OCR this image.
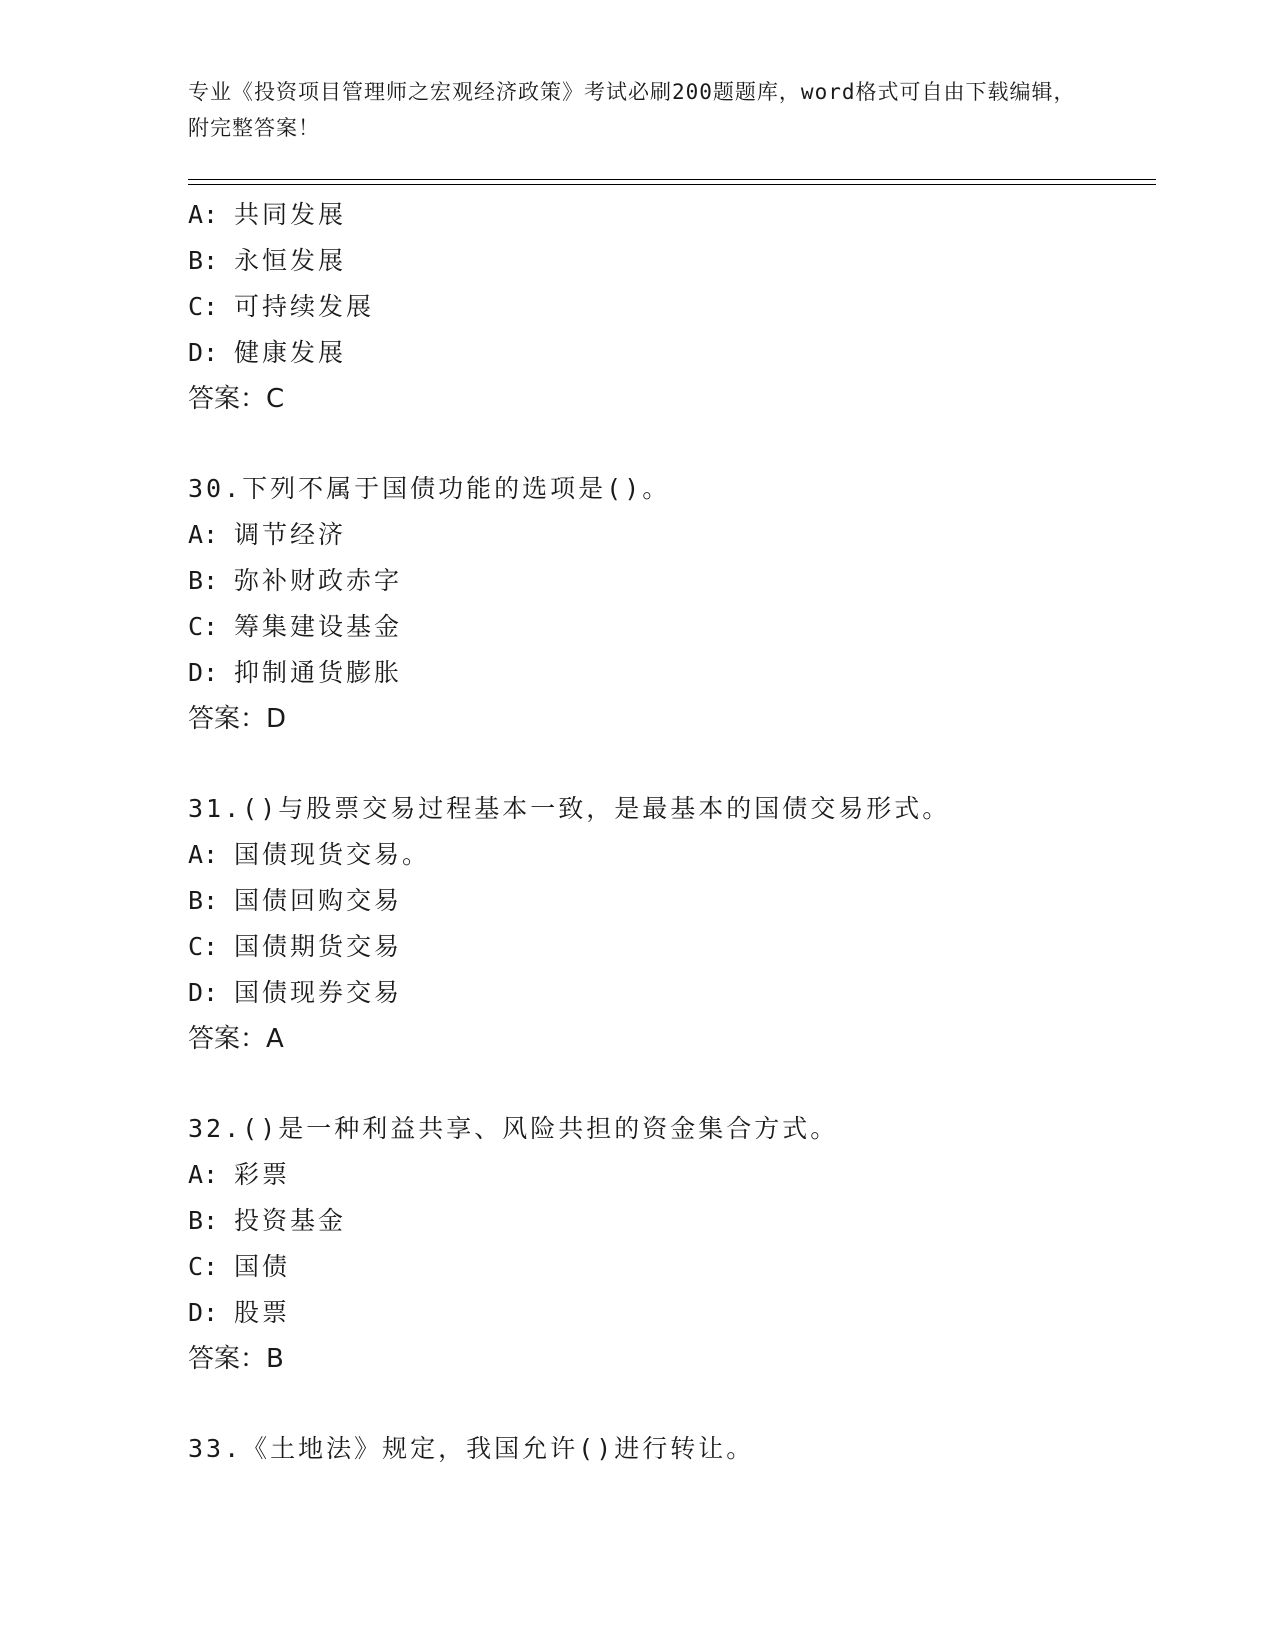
专业《投资项目管理师之宏观经济政策》考试必刷200题题库，word格式可自由下载编辑，附完整答案！
A: 共同发展
B: 永恒发展
C: 可持续发展
D: 健康发展
答案：C
30.下列不属于国债功能的选项是()。
A: 调节经济
B: 弥补财政赤字
C: 筹集建设基金
D: 抑制通货膨胀
答案：D
31.()与股票交易过程基本一致，是最基本的国债交易形式。
A: 国债现货交易。
B: 国债回购交易
C: 国债期货交易
D: 国债现券交易
答案：A
32.()是一种利益共享、风险共担的资金集合方式。
A: 彩票
B: 投资基金
C: 国债
D: 股票
答案：B
33.《土地法》规定，我国允许()进行转让。
